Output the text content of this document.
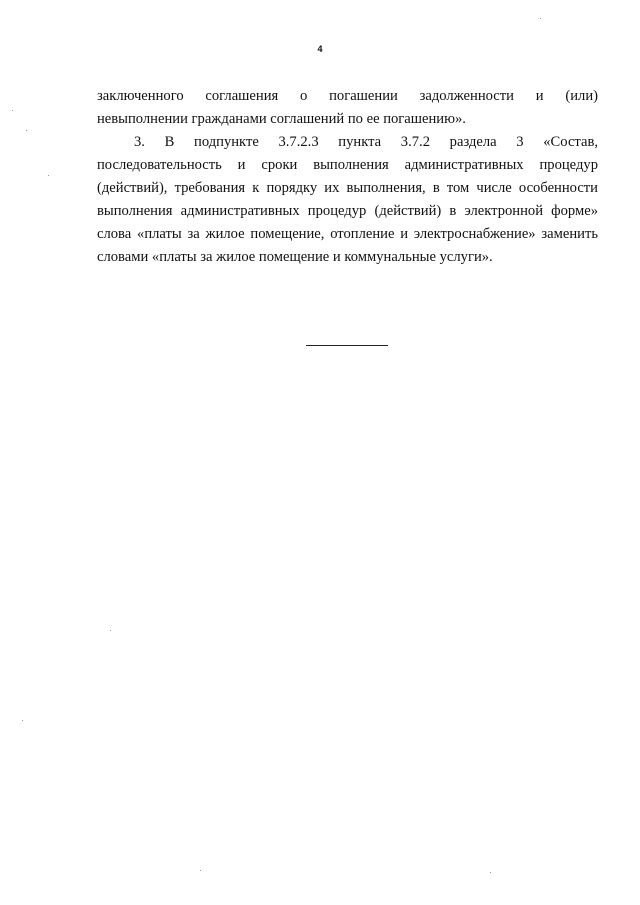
4
заключенного соглашения о погашении задолженности и (или)
невыполнении гражданами соглашений по ее погашению».
3. В подпункте 3.7.2.3 пункта 3.7.2 раздела 3 «Состав,
последовательность и сроки выполнения административных процедур
(действий), требования к порядку их выполнения, в том числе особенности
выполнения административных процедур (действий) в электронной форме»
слова «платы за жилое помещение, отопление и электроснабжение» заменить
словами «платы за жилое помещение и коммунальные услуги».
